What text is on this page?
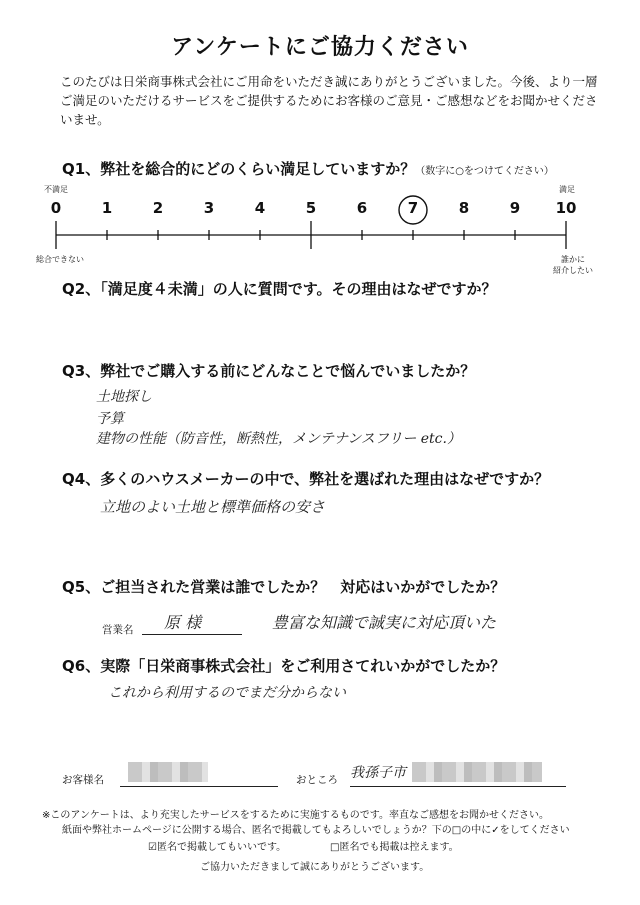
アンケートにご協力ください
このたびは日栄商事株式会社にご用命をいただき誠にありがとうございました。今後、より一層ご満足のいただけるサービスをご提供するためにお客様のご意見・ご感想などをお聞かせくださいませ。
Q1、弊社を総合的にどのくらい満足していますか？（数字に○をつけてください）
不満足	満足
0	1	2	3	4	5	6	7	8	9	10
総合できない	誰かに
紹介したい
Q2、「満足度４未満」の人に質問です。その理由はなぜですか？
Q3、弊社でご購入する前にどんなことで悩んでいましたか？
土地探し
予算
建物の性能（防音性，断熱性，メンテナンスフリー etc.）
Q4、多くのハウスメーカーの中で、弊社を選ばれた理由はなぜですか？
立地のよい土地と標準価格の安さ
Q5、ご担当された営業は誰でしたか？　対応はいかがでしたか？
営業名 原 様	豊富な知識で誠実に対応頂いた
Q6、実際「日栄商事株式会社」をご利用さてれいかがでしたか？
これから利用するのでまだ分からない
お客様名	おところ 我孫子市
※このアンケートは、より充実したサービスをするために実施するものです。率直なご感想をお聞かせください。
紙面や弊社ホームページに公開する場合、匿名で掲載してもよろしいでしょうか？下の□の中に✓をしてください
☑匿名で掲載してもいいです。	□匿名でも掲載は控えます。
ご協力いただきまして誠にありがとうございます。
